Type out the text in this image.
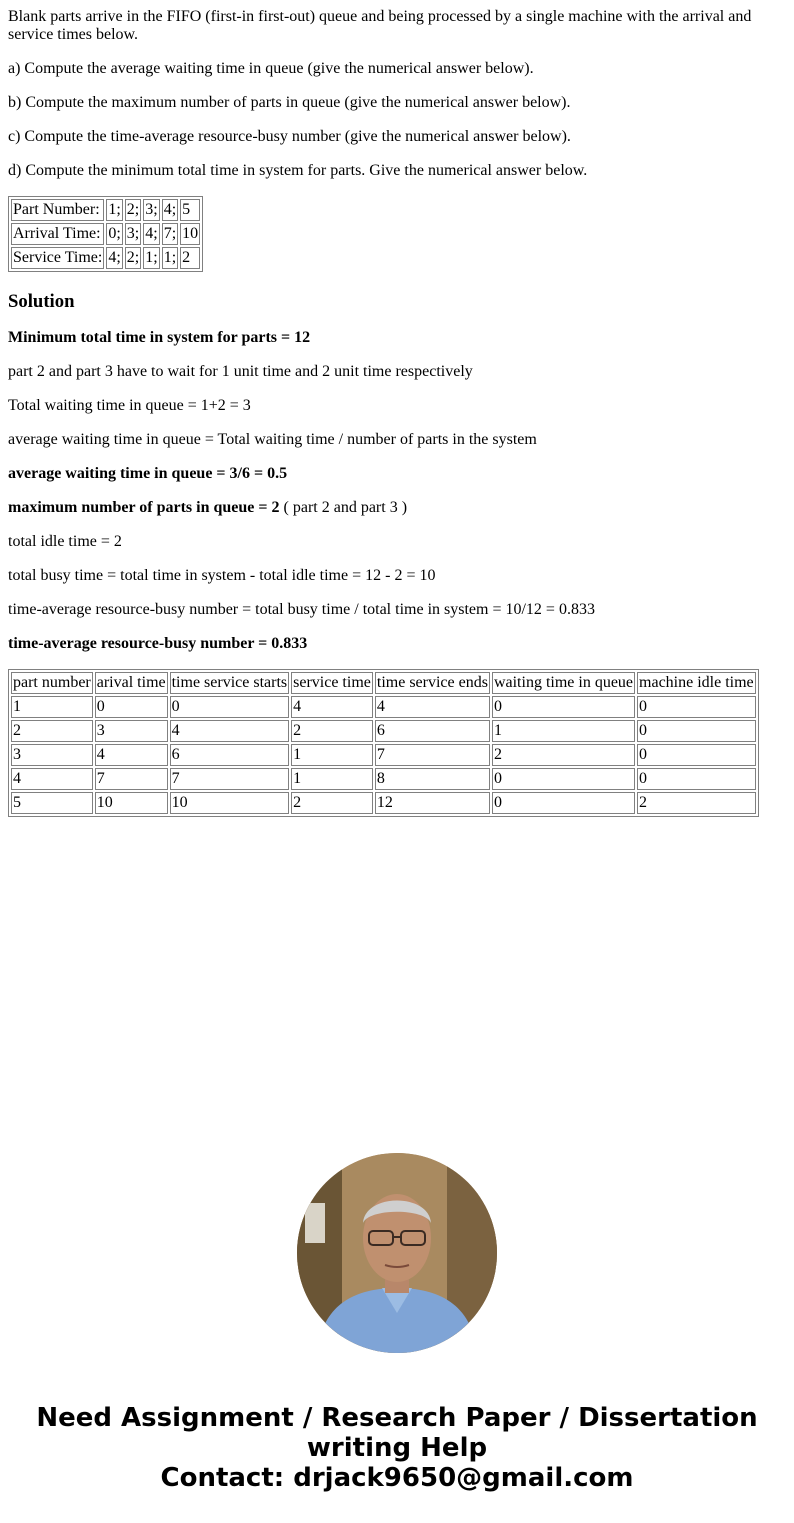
Blank parts arrive in the FIFO (first-in first-out) queue and being processed by a single machine with the arrival and service times below.

a) Compute the average waiting time in queue (give the numerical answer below).

b) Compute the maximum number of parts in queue (give the numerical answer below).

c) Compute the time-average resource-busy number (give the numerical answer below).

d) Compute the minimum total time in system for parts. Give the numerical answer below.

Part Number:	1;	2;	3;	4;	5
Arrival Time:	0;	3;	4;	7;	10
Service Time:	4;	2;	1;	1;	2
Solution

Minimum total time in system for parts = 12

part 2 and part 3 have to wait for 1 unit time and 2 unit time respectively

Total waiting time in queue = 1+2 = 3

average waiting time in queue = Total waiting time / number of parts in the system

average waiting time in queue = 3/6 = 0.5

maximum number of parts in queue = 2 ( part 2 and part 3 )

total idle time = 2

total busy time = total time in system - total idle time = 12 - 2 = 10

time-average resource-busy number = total busy time / total time in system = 10/12 = 0.833

time-average resource-busy number = 0.833

part number	arival time	time service starts	service time	time service ends	waiting time in queue	machine idle time
1	0	0	4	4	0	0
2	3	4	2	6	1	0
3	4	6	1	7	2	0
4	7	7	1	8	0	0
5	10	10	2	12	0	2
Need Assignment / Research Paper / Dissertation
writing Help
Contact: drjack9650@gmail.com
